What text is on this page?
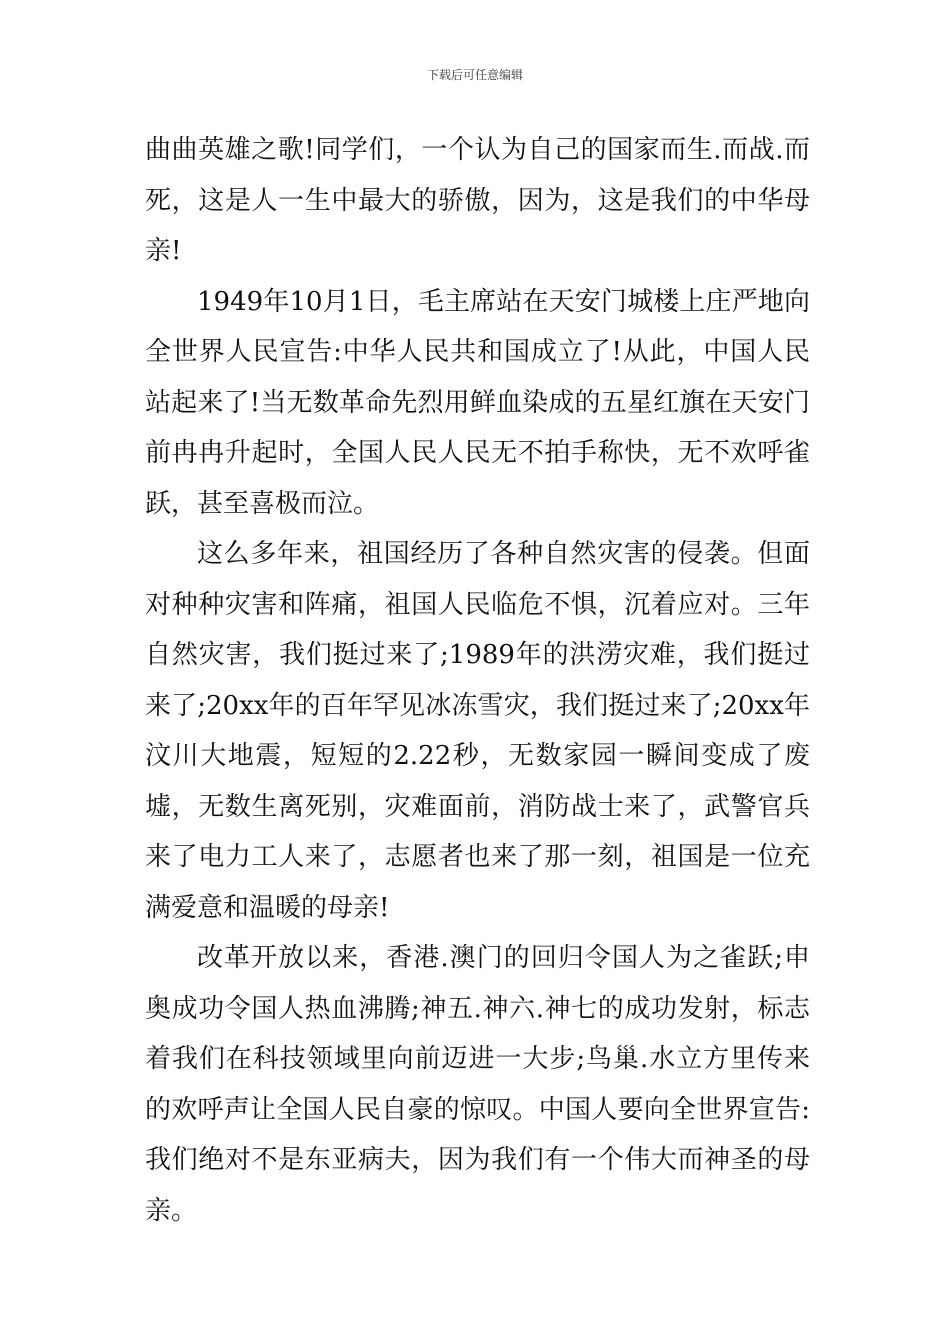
下载后可任意编辑

曲曲英雄之歌!同学们，一个认为自己的国家而生.而战.而死，这是人一生中最大的骄傲，因为，这是我们的中华母亲!

1949年10月1日，毛主席站在天安门城楼上庄严地向全世界人民宣告:中华人民共和国成立了!从此，中国人民站起来了!当无数革命先烈用鲜血染成的五星红旗在天安门前冉冉升起时，全国人民人民无不拍手称快，无不欢呼雀跃，甚至喜极而泣。

这么多年来，祖国经历了各种自然灾害的侵袭。但面对种种灾害和阵痛，祖国人民临危不惧，沉着应对。三年自然灾害，我们挺过来了;1989年的洪涝灾难，我们挺过来了;20xx年的百年罕见冰冻雪灾，我们挺过来了;20xx年汶川大地震，短短的2.22秒，无数家园一瞬间变成了废墟，无数生离死别，灾难面前，消防战士来了，武警官兵来了电力工人来了，志愿者也来了那一刻，祖国是一位充满爱意和温暖的母亲!

改革开放以来，香港.澳门的回归令国人为之雀跃;申奥成功令国人热血沸腾;神五.神六.神七的成功发射，标志着我们在科技领域里向前迈进一大步;鸟巢.水立方里传来的欢呼声让全国人民自豪的惊叹。中国人要向全世界宣告:我们绝对不是东亚病夫，因为我们有一个伟大而神圣的母亲。
